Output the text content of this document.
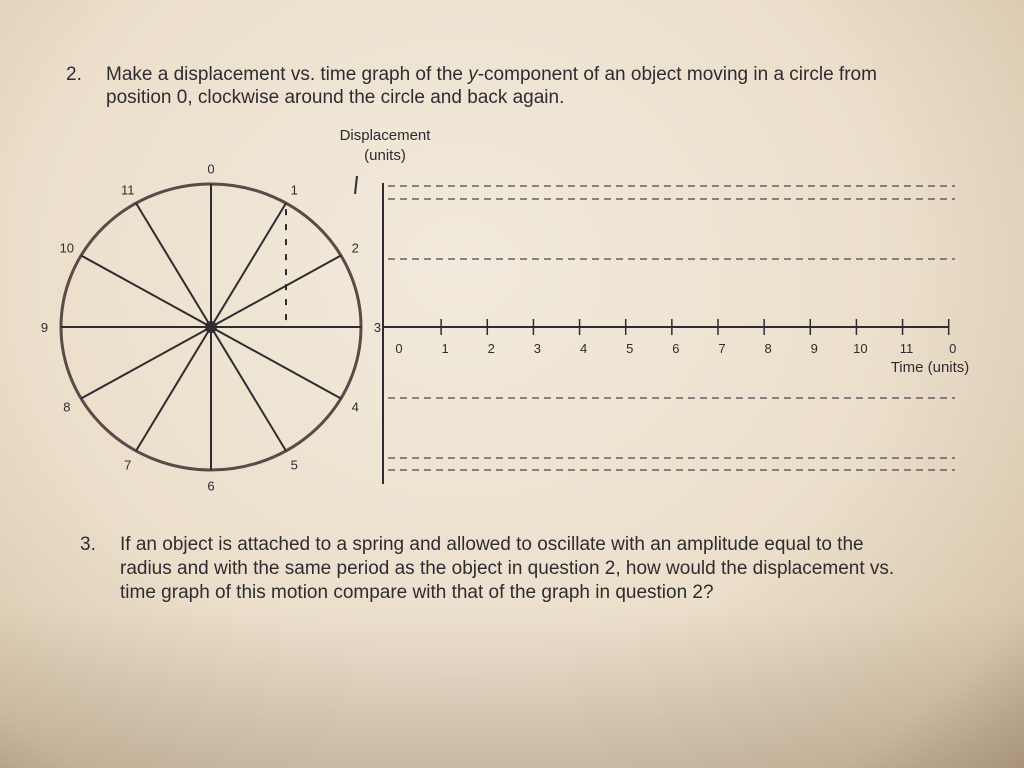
2.	Make a displacement vs. time graph of the y-component of an object moving in a circle from position 0, clockwise around the circle and back again.
Displacement
(units)
0
1
2
3
4
5
6
7
8
9
10
11
0	1	2	3	4	5	6	7	8	9	10 11	0
Time (units)
3.	If an object is attached to a spring and allowed to oscillate with an amplitude equal to the radius and with the same period as the object in question 2, how would the displacement vs. time graph of this motion compare with that of the graph in question 2?
